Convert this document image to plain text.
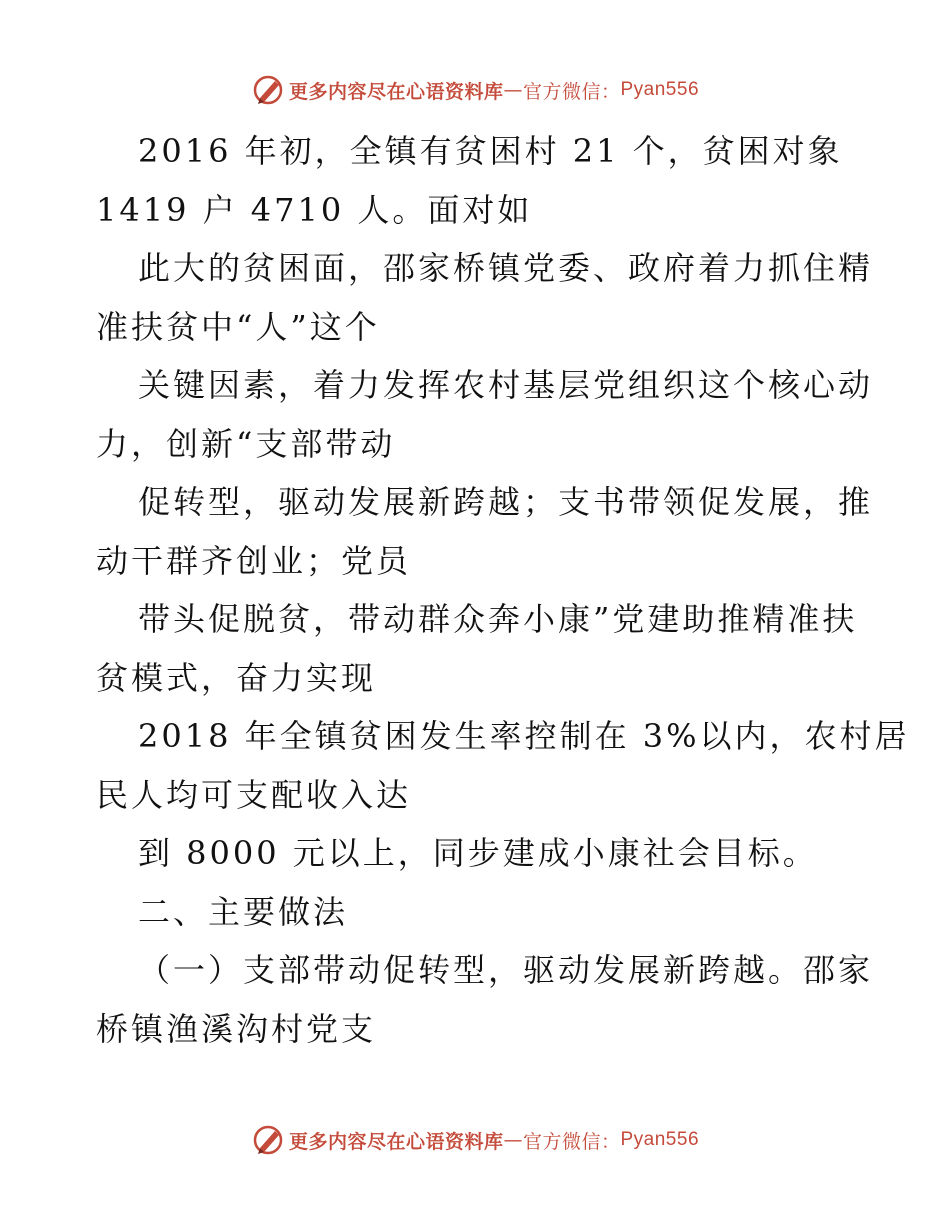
更多内容尽在心语资料库 — 官方微信： Pyan556
2016 年初，全镇有贫困村 21 个，贫困对象
1419 户 4710 人。面对如
此大的贫困面，邵家桥镇党委、政府着力抓住精
准扶贫中“人”这个
关键因素，着力发挥农村基层党组织这个核心动
力，创新“支部带动
促转型，驱动发展新跨越；支书带领促发展，推
动干群齐创业；党员
带头促脱贫，带动群众奔小康”党建助推精准扶
贫模式，奋力实现
2018 年全镇贫困发生率控制在 3%以内，农村居
民人均可支配收入达
到 8000 元以上，同步建成小康社会目标。
二、主要做法
（一）支部带动促转型，驱动发展新跨越。邵家
桥镇渔溪沟村党支
更多内容尽在心语资料库 — 官方微信： Pyan556
